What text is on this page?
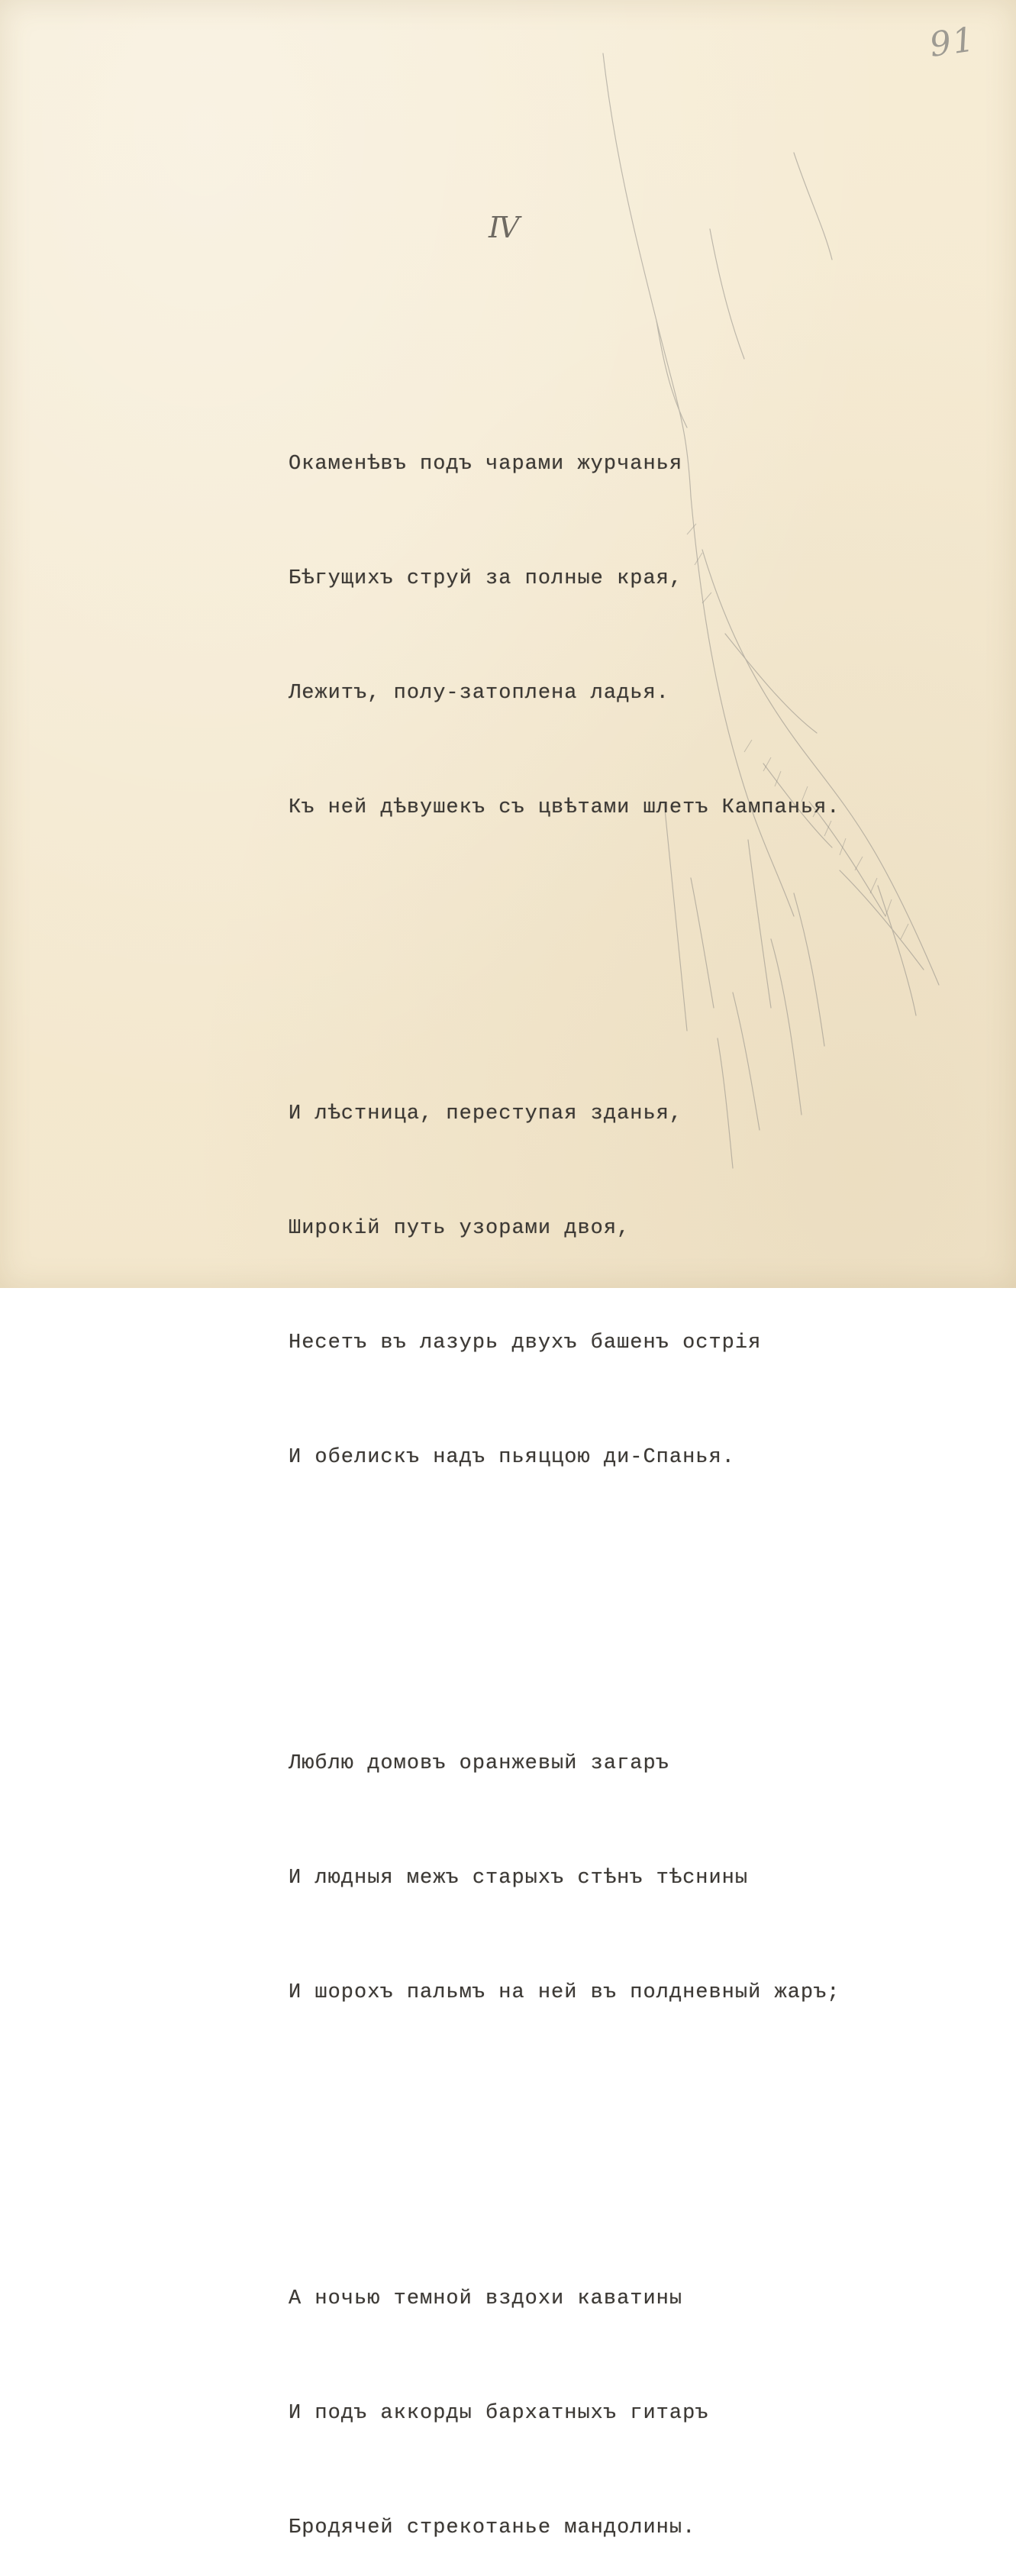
91
IV

Окаменѣвъ подъ чарами журчанья

Бѣгущихъ струй за полные края,

Лежитъ, полу-затоплена ладья.

Къ ней дѣвушекъ съ цвѣтами шлетъ Кампанья.

И лѣстница, переступая зданья,

Широкій путь узорами двоя,

Несетъ въ лазурь двухъ башенъ острія

И обелискъ надъ пьяццою ди-Спанья.

Люблю домовъ оранжевый загаръ

И людныя межъ старыхъ стѣнъ тѣснины

И шорохъ пальмъ на ней въ полдневный жаръ;

А ночью темной вздохи каватины

И подъ аккорды бархатныхъ гитаръ

Бродячей стрекотанье мандолины.
